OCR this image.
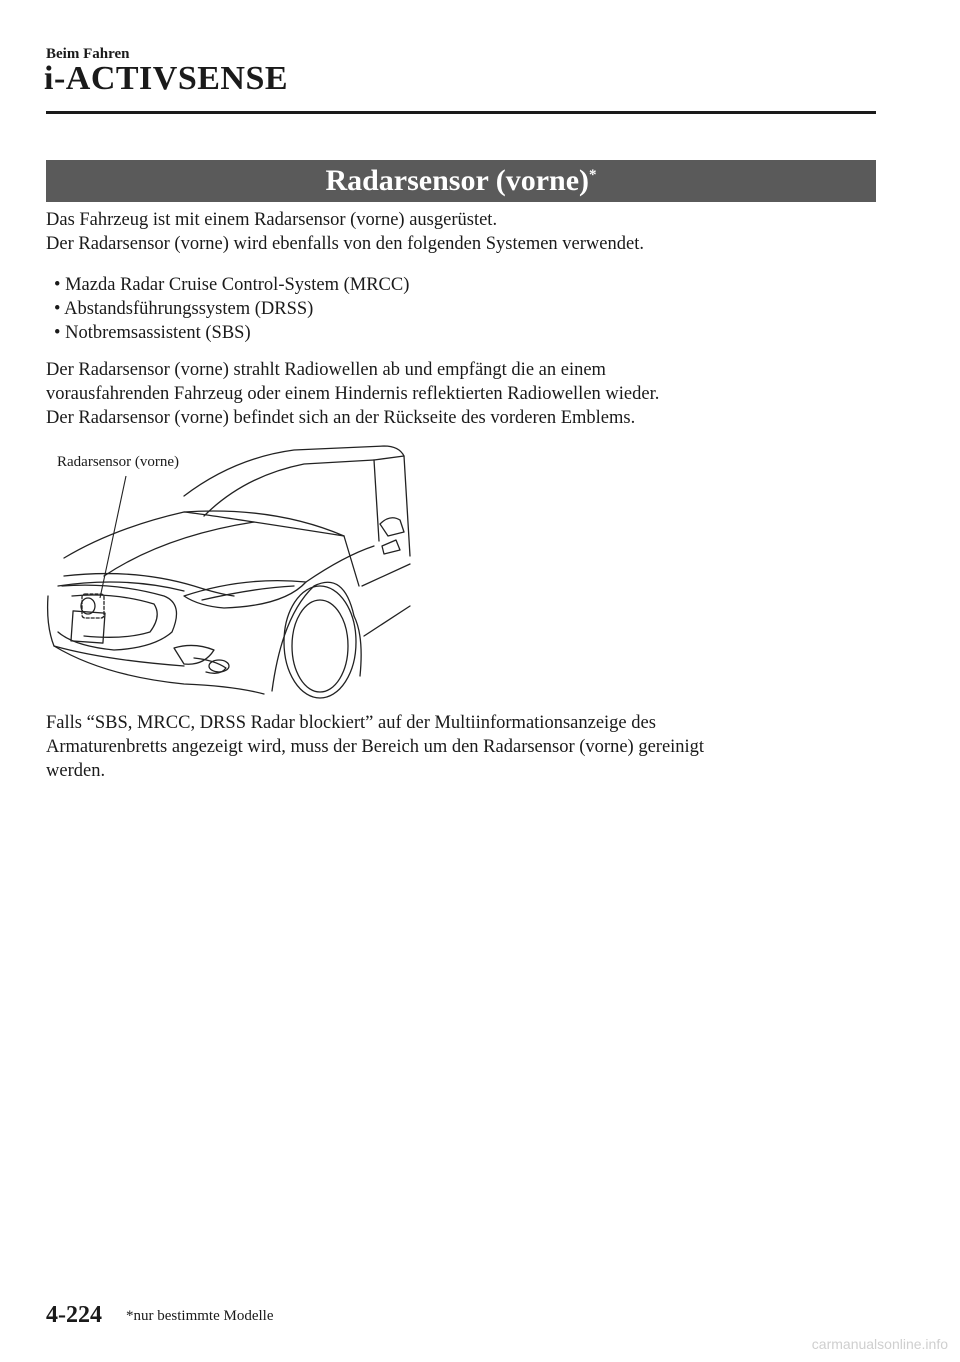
Beim Fahren
i-ACTIVSENSE
Radarsensor (vorne)*

Das Fahrzeug ist mit einem Radarsensor (vorne) ausgerüstet.

Der Radarsensor (vorne) wird ebenfalls von den folgenden Systemen verwendet.

• Mazda Radar Cruise Control-System (MRCC)
• Abstandsführungssystem (DRSS)
• Notbremsassistent (SBS)

Der Radarsensor (vorne) strahlt Radiowellen ab und empfängt die an einem

vorausfahrenden Fahrzeug oder einem Hindernis reflektierten Radiowellen wieder.

Der Radarsensor (vorne) befindet sich an der Rückseite des vorderen Emblems.

Radarsensor (vorne)

Falls “SBS, MRCC, DRSS Radar blockiert” auf der Multiinformationsanzeige des

Armaturenbretts angezeigt wird, muss der Bereich um den Radarsensor (vorne) gereinigt

werden.

4-224 *nur bestimmte Modelle
carmanualsonline.info
